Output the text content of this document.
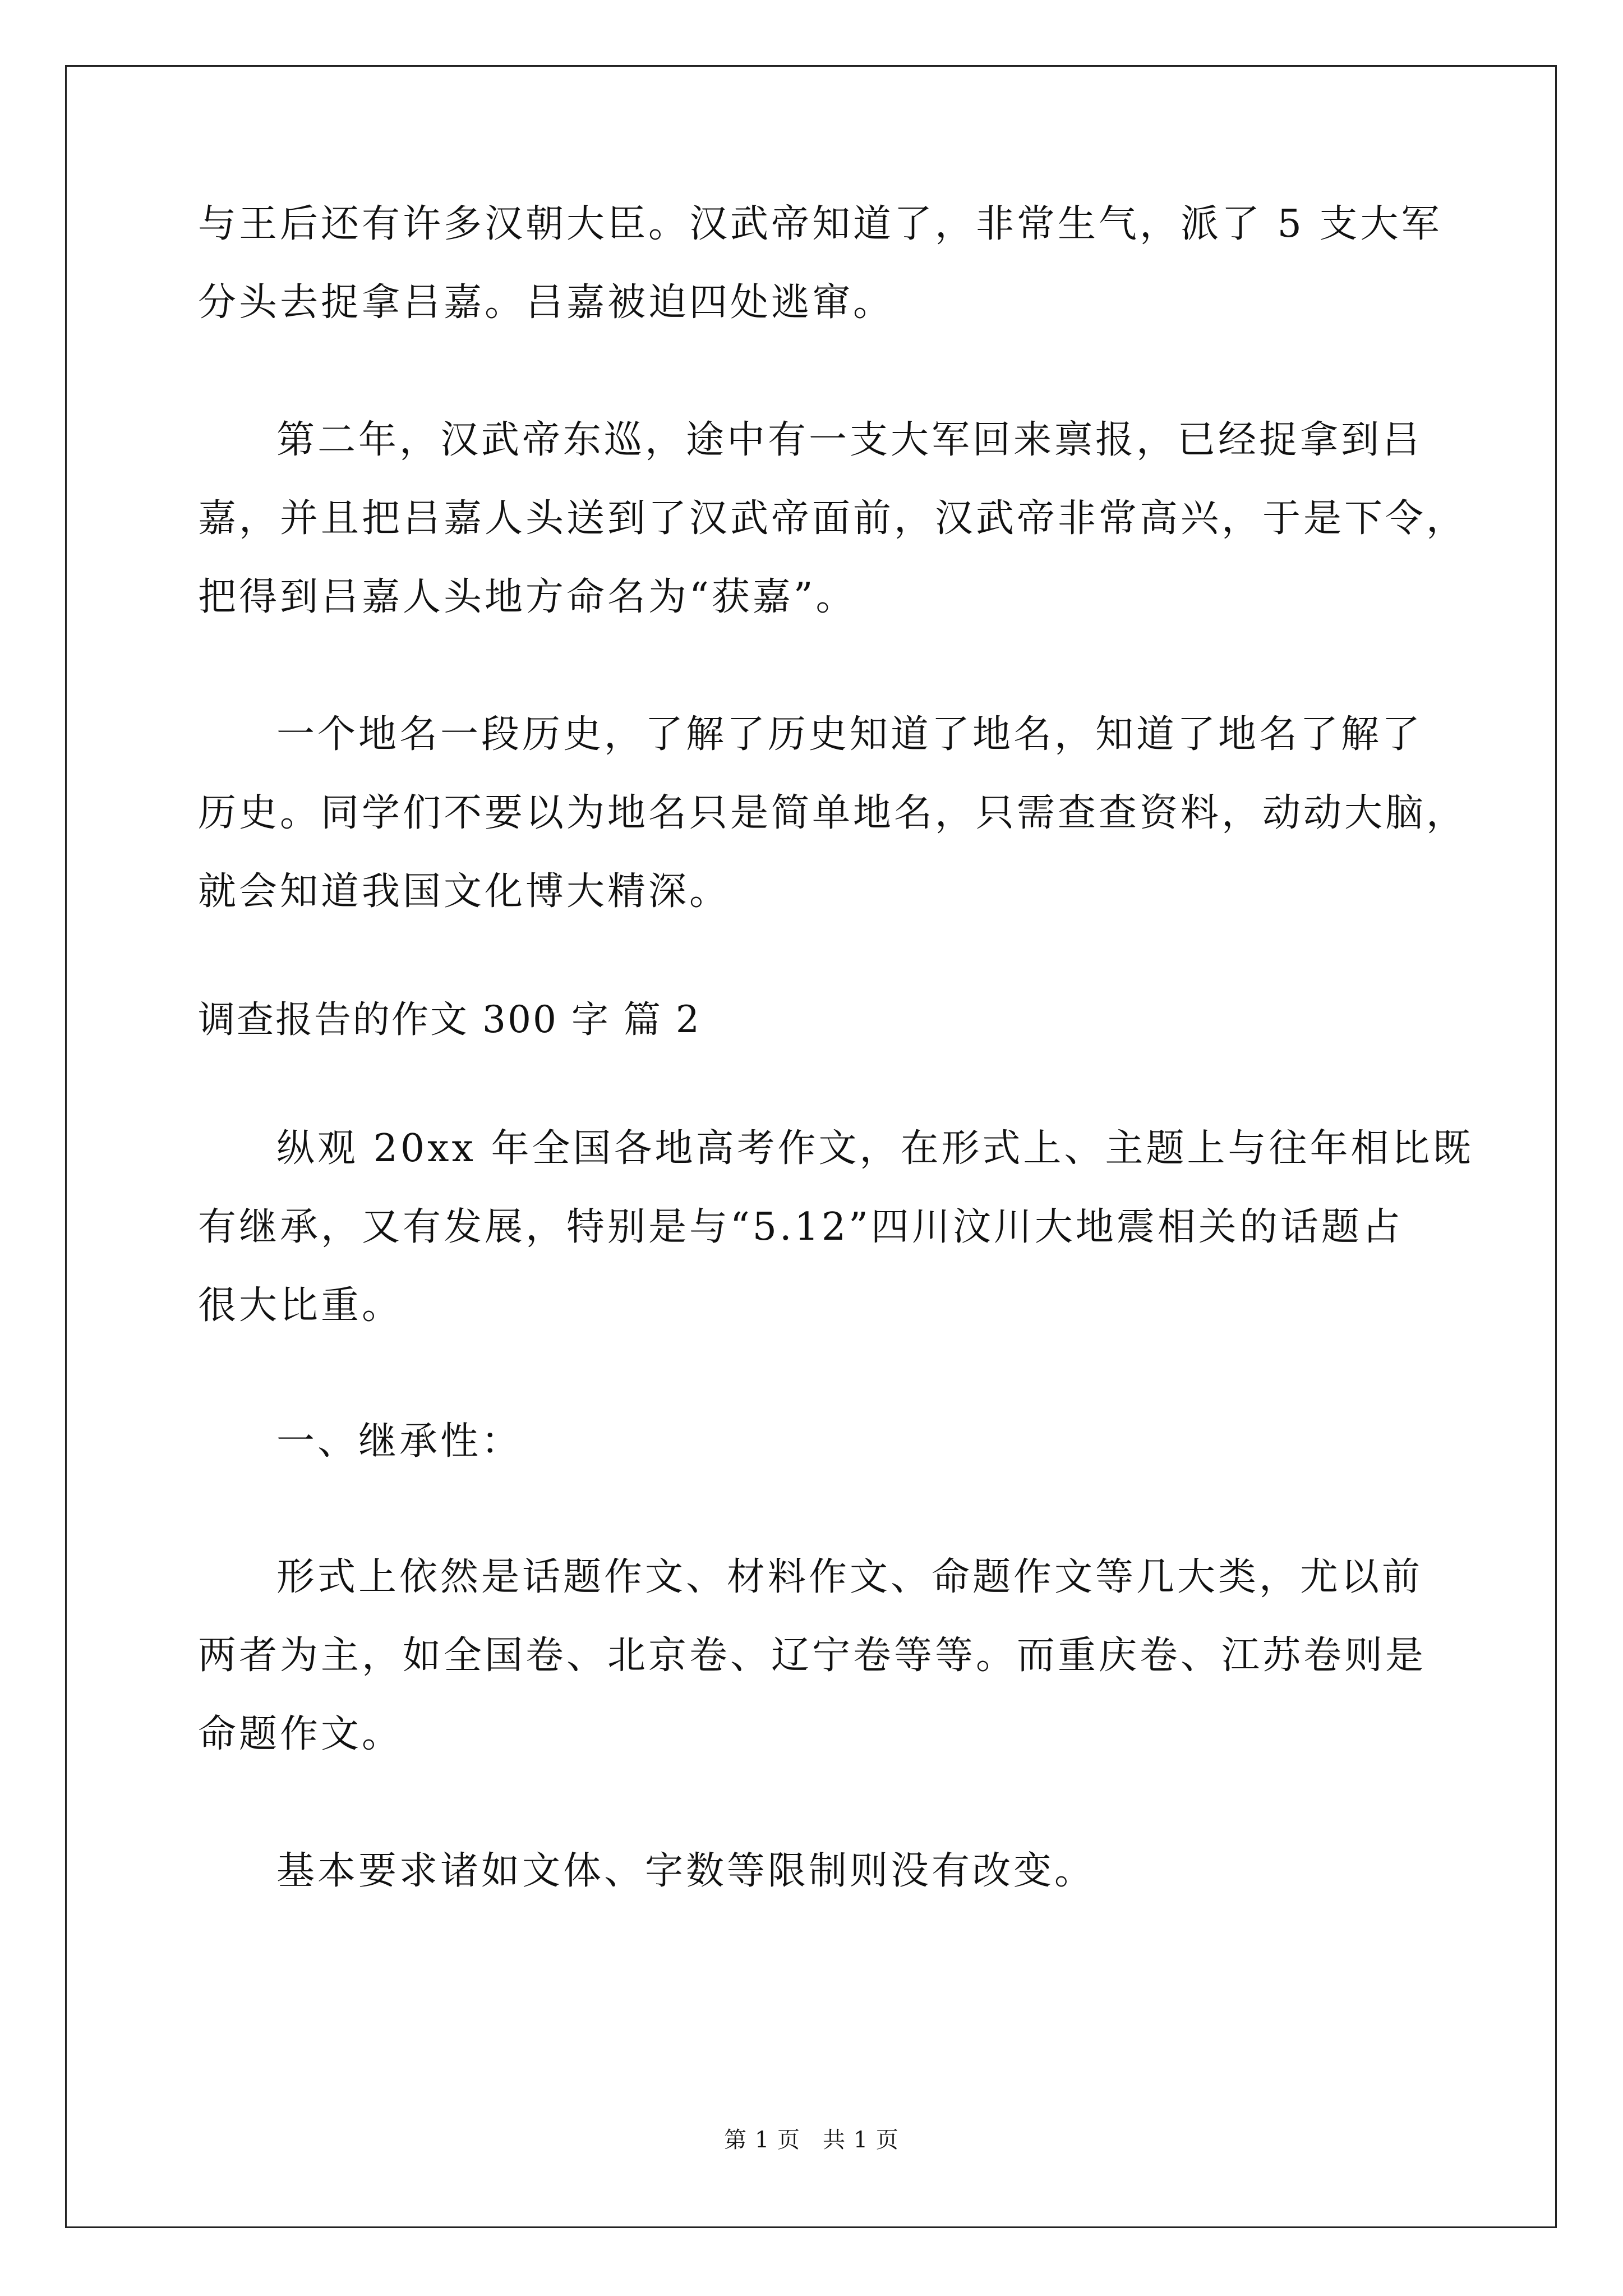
与王后还有许多汉朝大臣。汉武帝知道了，非常生气，派了 5 支大军
分头去捉拿吕嘉。吕嘉被迫四处逃窜。
第二年，汉武帝东巡，途中有一支大军回来禀报，已经捉拿到吕
嘉，并且把吕嘉人头送到了汉武帝面前，汉武帝非常高兴，于是下令，
把得到吕嘉人头地方命名为“获嘉”。
一个地名一段历史，了解了历史知道了地名，知道了地名了解了
历史。同学们不要以为地名只是简单地名，只需查查资料，动动大脑，
就会知道我国文化博大精深。
调查报告的作文 300 字 篇 2
纵观 20xx 年全国各地高考作文，在形式上、主题上与往年相比既
有继承，又有发展，特别是与“5.12”四川汶川大地震相关的话题占
很大比重。
一、继承性：
形式上依然是话题作文、材料作文、命题作文等几大类，尤以前
两者为主，如全国卷、北京卷、辽宁卷等等。而重庆卷、江苏卷则是
命题作文。
基本要求诸如文体、字数等限制则没有改变。
第 1 页 共 1 页
